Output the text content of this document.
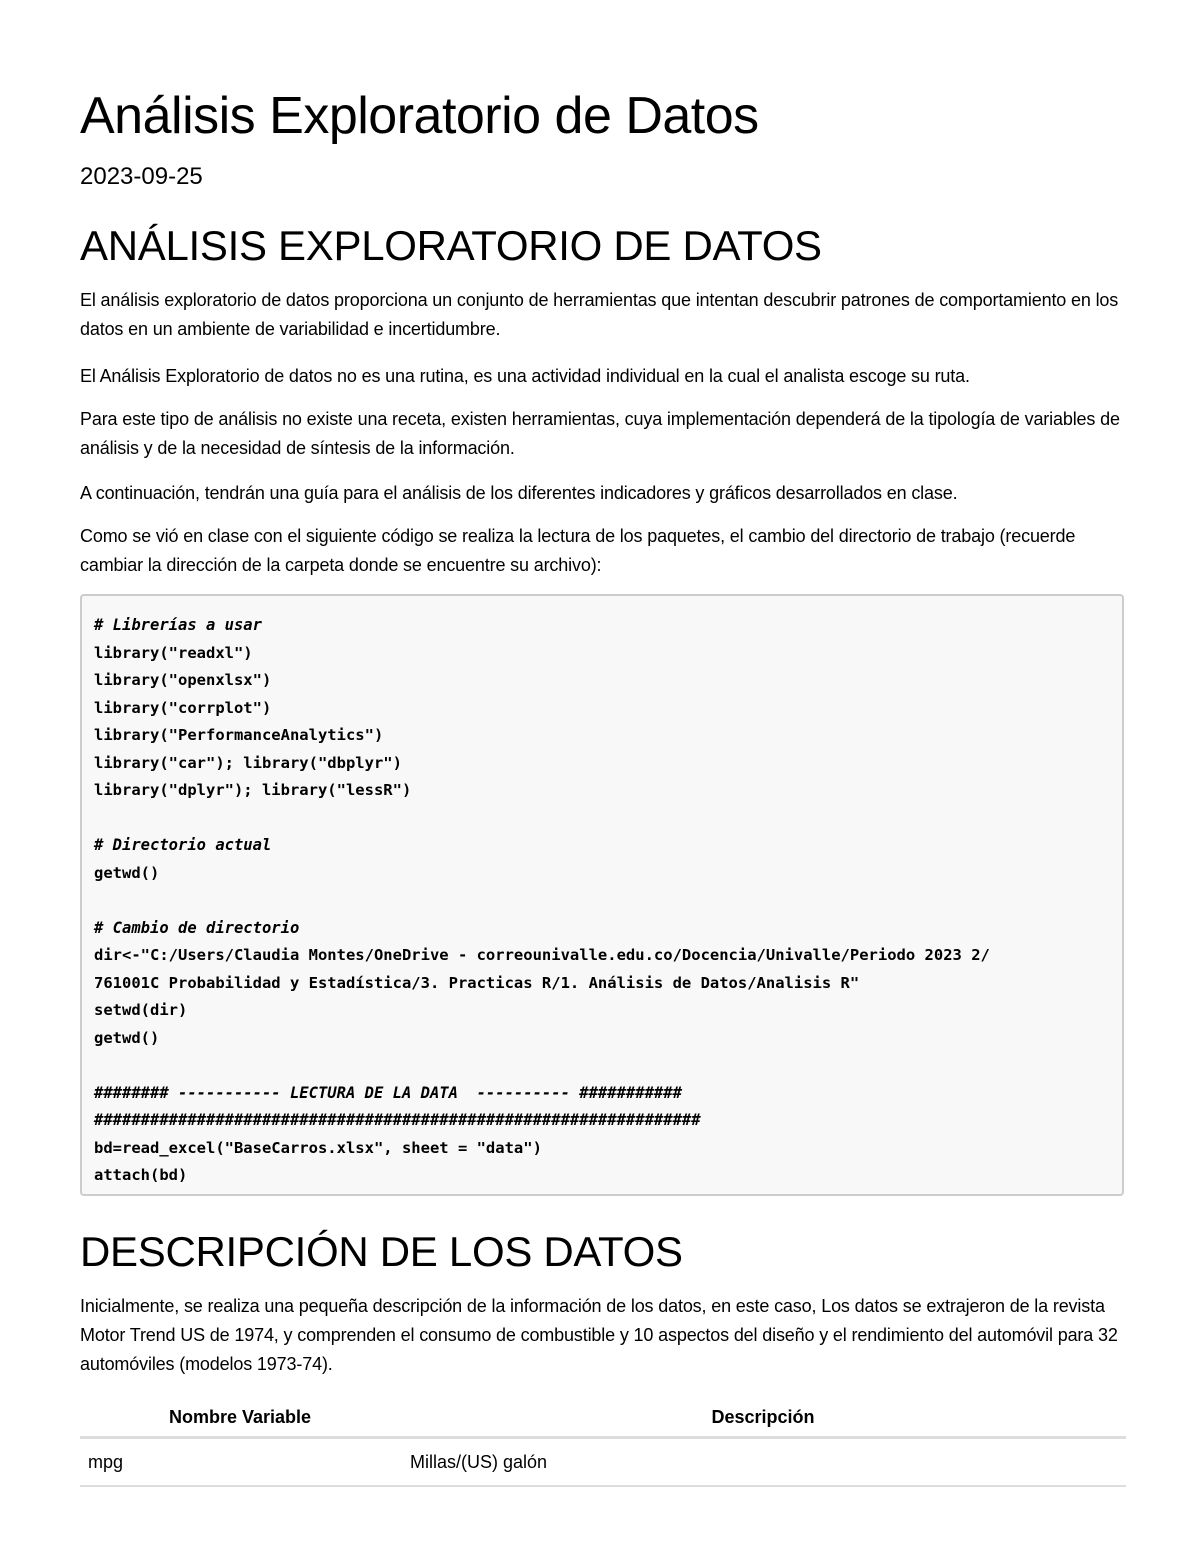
Análisis Exploratorio de Datos
2023-09-25
ANÁLISIS EXPLORATORIO DE DATOS

El análisis exploratorio de datos proporciona un conjunto de herramientas que intentan descubrir patrones de comportamiento en los datos en un ambiente de variabilidad e incertidumbre.

El Análisis Exploratorio de datos no es una rutina, es una actividad individual en la cual el analista escoge su ruta.

Para este tipo de análisis no existe una receta, existen herramientas, cuya implementación dependerá de la tipología de variables de análisis y de la necesidad de síntesis de la información.

A continuación, tendrán una guía para el análisis de los diferentes indicadores y gráficos desarrollados en clase.

Como se vió en clase con el siguiente código se realiza la lectura de los paquetes, el cambio del directorio de trabajo (recuerde cambiar la dirección de la carpeta donde se encuentre su archivo):

# Librerías a usar
library("readxl")
library("openxlsx")
library("corrplot")
library("PerformanceAnalytics")
library("car"); library("dbplyr")
library("dplyr"); library("lessR")
# Directorio actual
getwd()
# Cambio de directorio
dir<-"C:/Users/Claudia Montes/OneDrive - correounivalle.edu.co/Docencia/Univalle/Periodo 2023 2/
761001C Probabilidad y Estadística/3. Practicas R/1. Análisis de Datos/Analisis R"
setwd(dir)
getwd()
######## ----------- LECTURA DE LA DATA  ---------- ###########
#################################################################
bd=read_excel("BaseCarros.xlsx", sheet = "data")
attach(bd)
DESCRIPCIÓN DE LOS DATOS

Inicialmente, se realiza una pequeña descripción de la información de los datos, en este caso, Los datos se extrajeron de la revista Motor Trend US de 1974, y comprenden el consumo de combustible y 10 aspectos del diseño y el rendimiento del automóvil para 32 automóviles (modelos 1973-74).

Nombre Variable	Descripción
mpg	Millas/(US) galón
